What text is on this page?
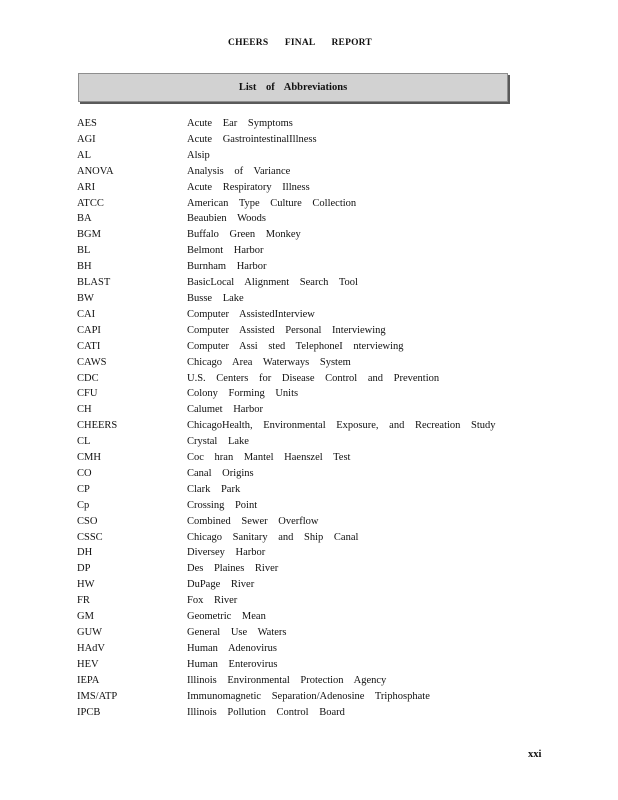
CHEERS FINAL REPORT
List of Abbreviations
AES	Acute Ear Symptoms
AGI	Acute GastrointestinalIllness
AL	Alsip
ANOVA	Analysis of Variance
ARI	Acute Respiratory Illness
ATCC	American Type Culture Collection
BA	Beaubien Woods
BGM	Buffalo Green Monkey
BL	Belmont Harbor
BH	Burnham Harbor
BLAST	BasicLocal Alignment Search Tool
BW	Busse Lake
CAI	Computer AssistedInterview
CAPI	Computer Assisted Personal Interviewing
CATI	Computer Assi sted TelephoneI nterviewing
CAWS	Chicago Area Waterways System
CDC	U.S. Centers for Disease Control and Prevention
CFU	Colony Forming Units
CH	Calumet Harbor
CHEERS	ChicagoHealth, Environmental Exposure, and Recreation Study
CL	Crystal Lake
CMH	Coc hran Mantel Haenszel Test
CO	Canal Origins
CP	Clark Park
Cp	Crossing Point
CSO	Combined Sewer Overflow
CSSC	Chicago Sanitary and Ship Canal
DH	Diversey Harbor
DP	Des Plaines River
HW	DuPage River
FR	Fox River
GM	Geometric Mean
GUW	General Use Waters
HAdV	Human Adenovirus
HEV	Human Enterovirus
IEPA	Illinois Environmental Protection Agency
IMS/ATP	Immunomagnetic Separation/Adenosine Triphosphate
IPCB	Illinois Pollution Control Board
xxi
